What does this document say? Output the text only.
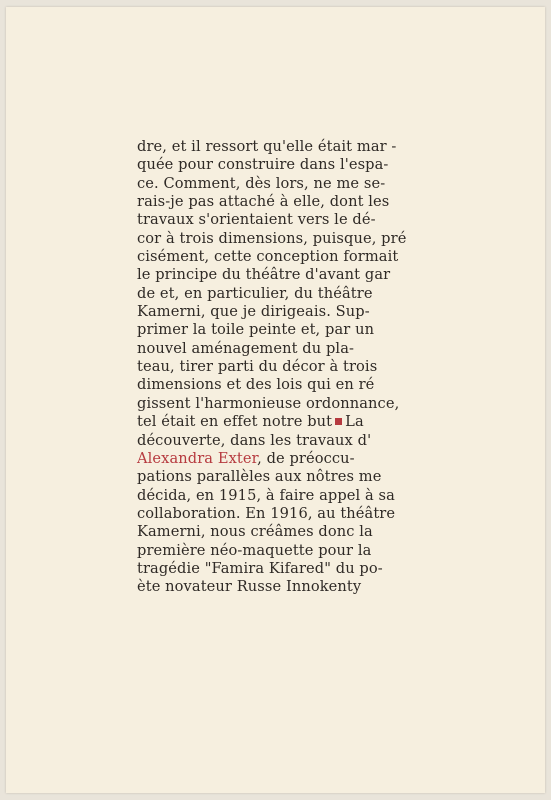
dre, et il ressort qu'elle était mar -
quée pour construire dans l'espa-
ce. Comment, dès lors, ne me se-
rais-je pas attaché à elle, dont les
travaux s'orientaient vers le dé-
cor à trois dimensions, puisque, pré
cisément, cette conception formait
le principe du théâtre d'avant gar
de et, en particulier, du théâtre
Kamerni, que je dirigeais. Sup-
primer la toile peinte et, par un
nouvel aménagement du pla-
teau, tirer parti du décor à trois
dimensions et des lois qui en ré
gissent l'harmonieuse ordonnance,
tel était en effet notre but La
découverte, dans les travaux d'
Alexandra Exter, de préoccu-
pations parallèles aux nôtres me
décida, en 1915, à faire appel à sa
collaboration. En 1916, au théâtre
Kamerni, nous créâmes donc la
première néo-maquette pour la
tragédie "Famira Kifared" du po-
ète novateur Russe Innokenty
